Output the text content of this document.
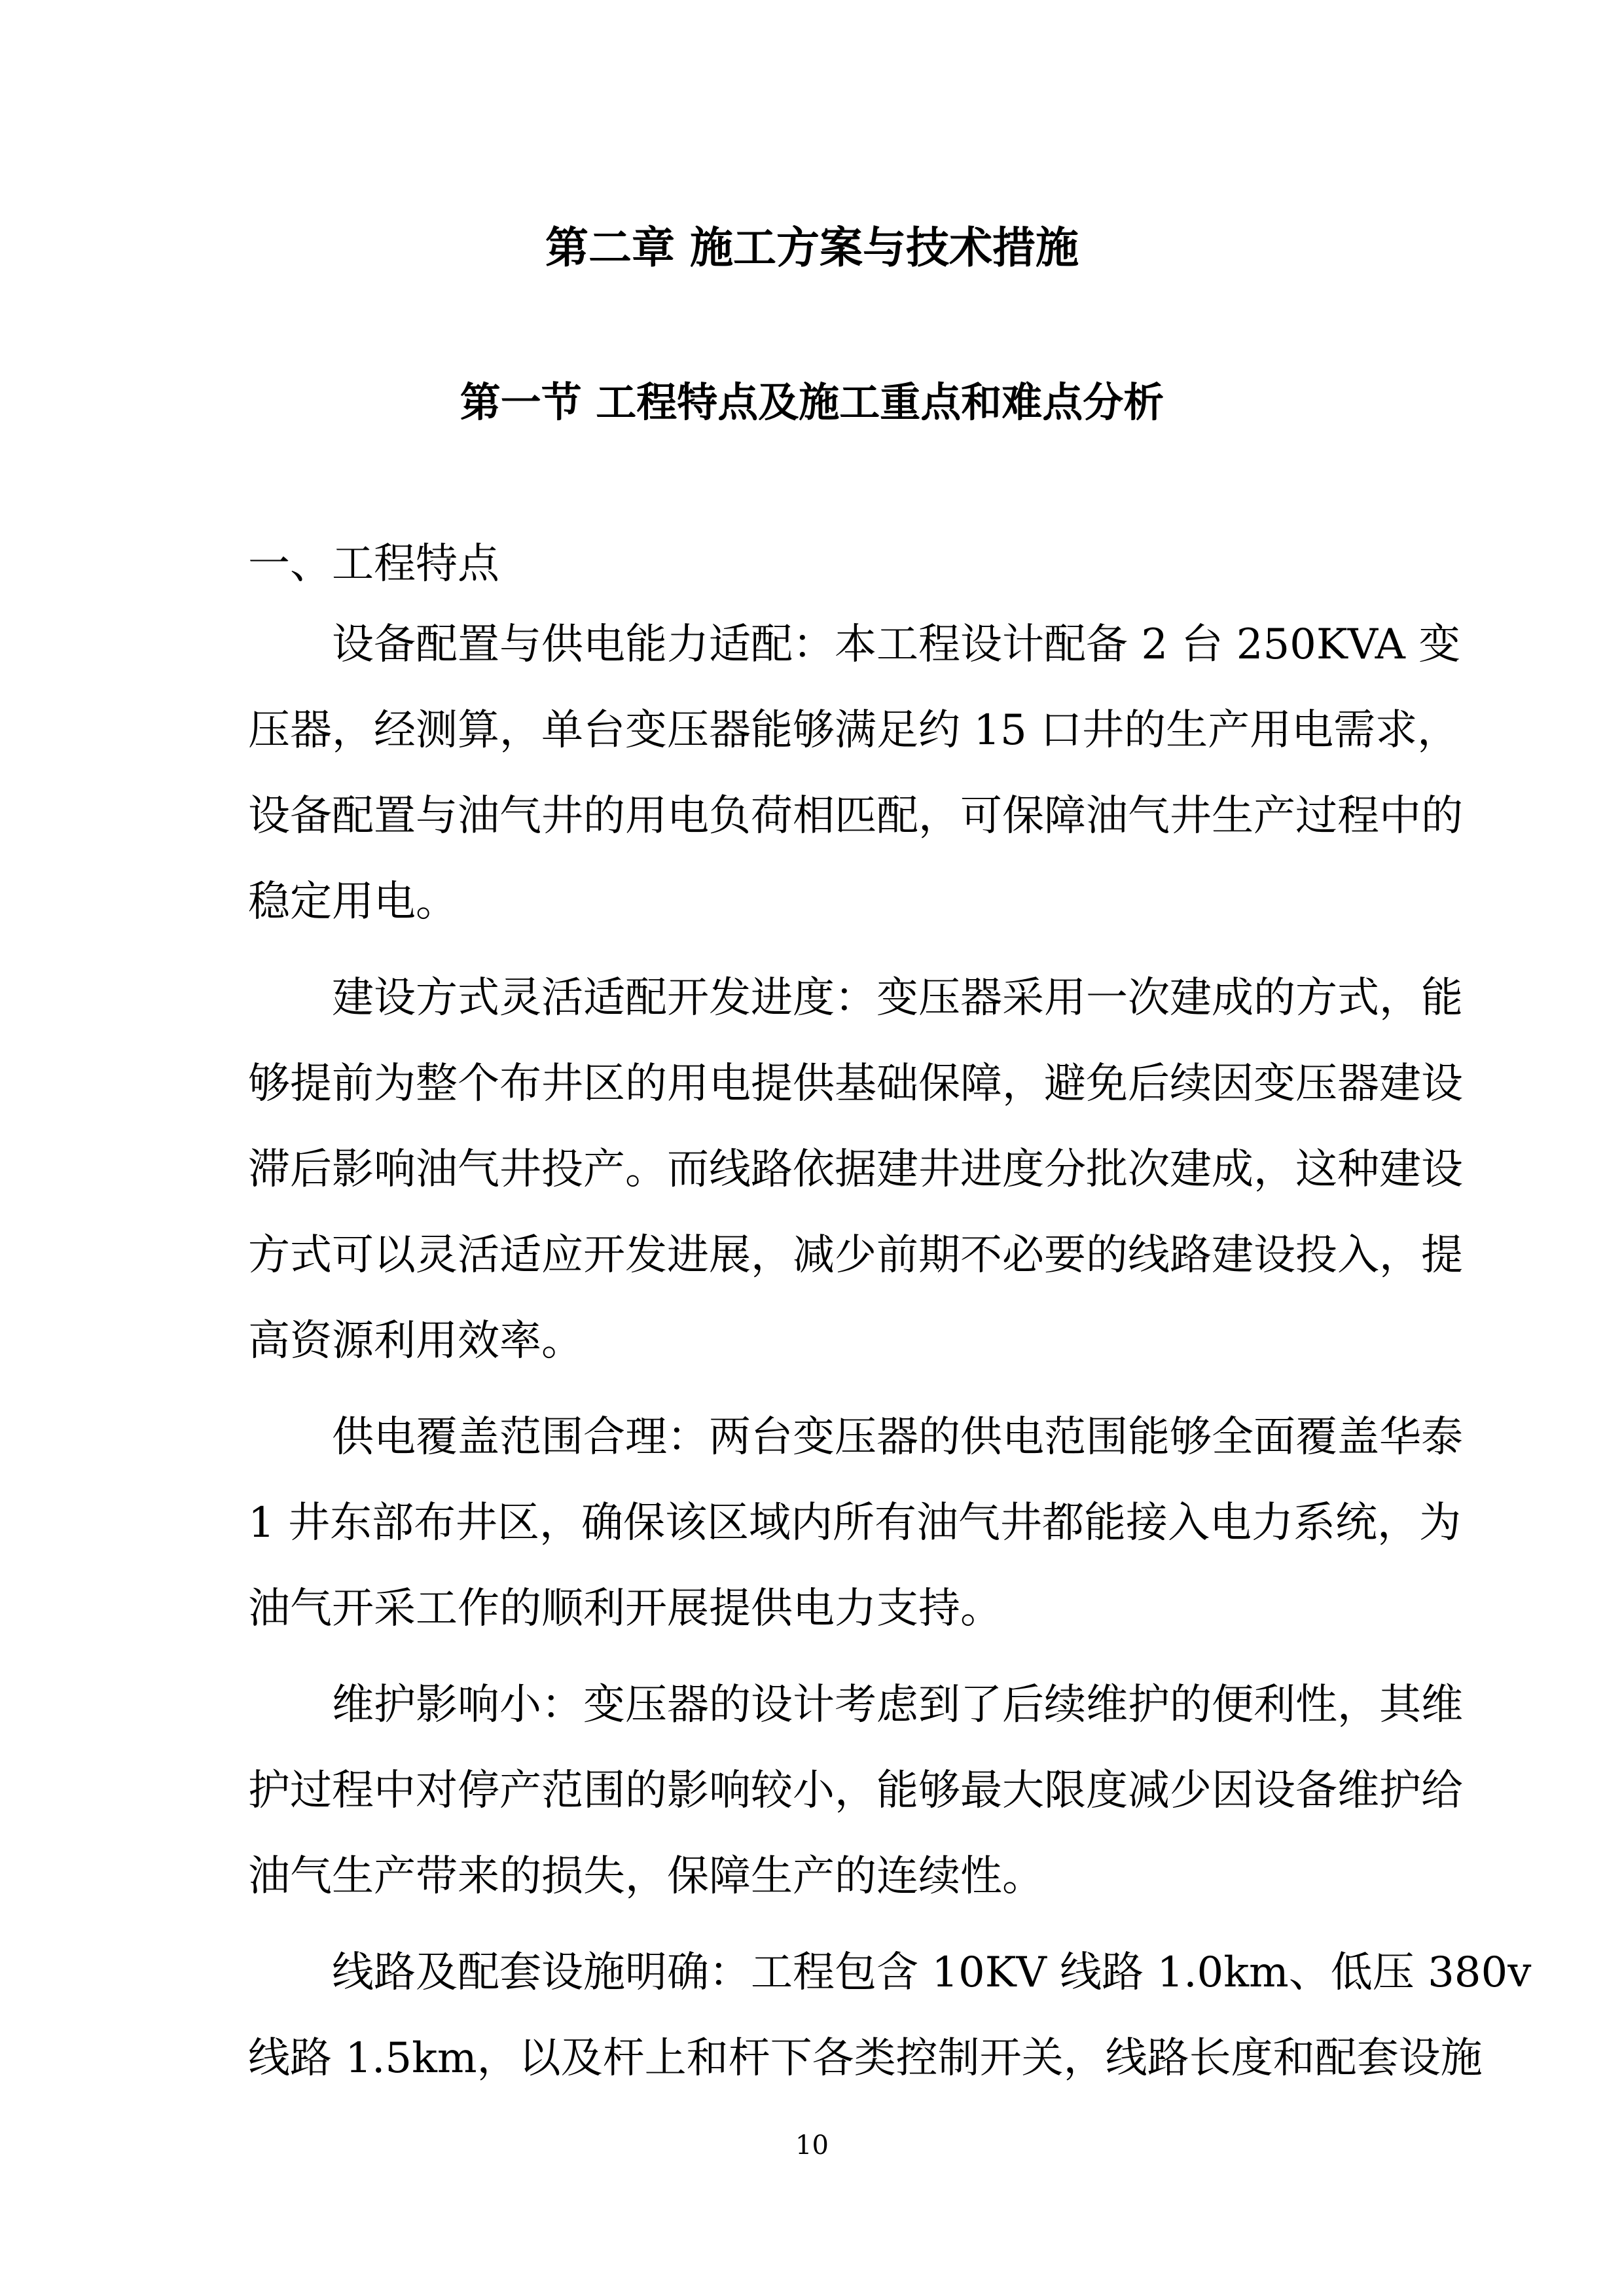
第二章 施工方案与技术措施
第一节 工程特点及施工重点和难点分析
一、工程特点
设备配置与供电能力适配：本工程设计配备 2 台 250KVA 变
压器，经测算，单台变压器能够满足约 15 口井的生产用电需求，
设备配置与油气井的用电负荷相匹配，可保障油气井生产过程中的
稳定用电。
建设方式灵活适配开发进度：变压器采用一次建成的方式，能
够提前为整个布井区的用电提供基础保障，避免后续因变压器建设
滞后影响油气井投产。而线路依据建井进度分批次建成，这种建设
方式可以灵活适应开发进展，减少前期不必要的线路建设投入，提
高资源利用效率。
供电覆盖范围合理：两台变压器的供电范围能够全面覆盖华泰
1 井东部布井区，确保该区域内所有油气井都能接入电力系统，为
油气开采工作的顺利开展提供电力支持。
维护影响小：变压器的设计考虑到了后续维护的便利性，其维
护过程中对停产范围的影响较小，能够最大限度减少因设备维护给
油气生产带来的损失，保障生产的连续性。
线路及配套设施明确：工程包含 10KV 线路 1.0km、低压 380v
线路 1.5km，以及杆上和杆下各类控制开关，线路长度和配套设施
10
